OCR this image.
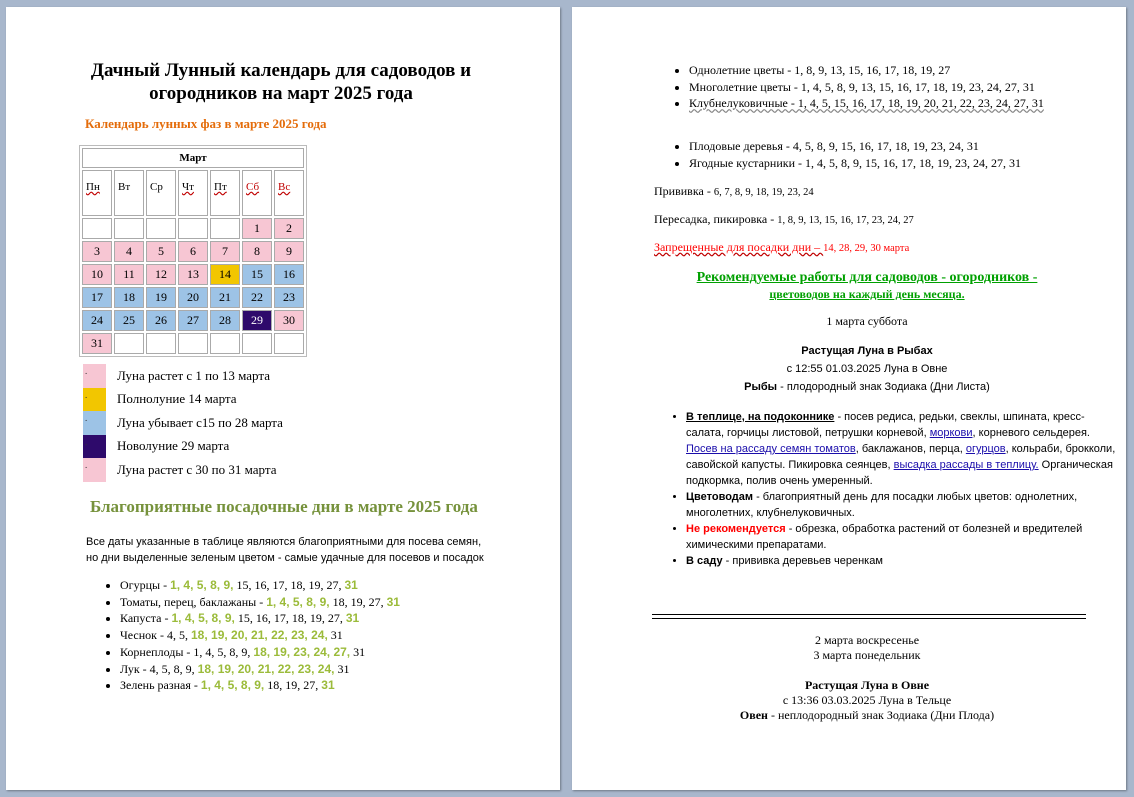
Дачный Лунный календарь для садоводов и
огородников на март 2025 года
Календарь лунных фаз в марте 2025 года
Март						
Пн	Вт	Ср	Чт	Пт	Сб	Вс
					1	2
3	4	5	6	7	8	9
10	11	12	13	14	15	16
17	18	19	20	21	22	23
24	25	26	27	28	29	30
31						
.
Луна растет с 1 по 13 марта
.
Полнолуние 14 марта
.
Луна убывает с15 по 28 марта
.
Новолуние 29 марта
.
Луна растет с 30 по 31 марта
Благоприятные посадочные дни в марте 2025 года
Все даты указанные в таблице являются благоприятными для посева семян,
но дни выделенные зеленым цветом - самые удачные для посевов и посадок
• Огурцы - 1, 4, 5, 8, 9, 15, 16, 17, 18, 19, 27, 31
• Томаты, перец, баклажаны - 1, 4, 5, 8, 9, 18, 19, 27, 31
• Капуста - 1, 4, 5, 8, 9, 15, 16, 17, 18, 19, 27, 31
• Чеснок - 4, 5, 18, 19, 20, 21, 22, 23, 24, 31
• Корнеплоды - 1, 4, 5, 8, 9, 18, 19, 23, 24, 27, 31
• Лук - 4, 5, 8, 9, 18, 19, 20, 21, 22, 23, 24, 31
• Зелень разная - 1, 4, 5, 8, 9, 18, 19, 27, 31
• Однолетние цветы - 1, 8, 9, 13, 15, 16, 17, 18, 19, 27
• Многолетние цветы - 1, 4, 5, 8, 9, 13, 15, 16, 17, 18, 19, 23, 24, 27, 31
• Клубнелуковичные - 1, 4, 5, 15, 16, 17, 18, 19, 20, 21, 22, 23, 24, 27, 31
• Плодовые деревья - 4, 5, 8, 9, 15, 16, 17, 18, 19, 23, 24, 31
• Ягодные кустарники - 1, 4, 5, 8, 9, 15, 16, 17, 18, 19, 23, 24, 27, 31
Прививка - 6, 7, 8, 9, 18, 19, 23, 24
Пересадка, пикировка - 1, 8, 9, 13, 15, 16, 17, 23, 24, 27
Запрещенные для посадки дни – 14, 28, 29, 30 марта
Рекомендуемые работы для садоводов - огородников -
цветоводов на каждый день месяца.
1 марта суббота
Растущая Луна в Рыбах
с 12:55 01.03.2025 Луна в Овне
Рыбы - плодородный знак Зодиака (Дни Листа)
• В теплице, на подоконнике - посев редиса, редьки, свеклы, шпината, кресс-салата, горчицы листовой, петрушки корневой, моркови, корневого сельдерея. Посев на рассаду семян томатов, баклажанов, перца, огурцов, кольраби, брокколи, савойской капусты. Пикировка сеянцев, высадка рассады в теплицу. Органическая подкормка, полив очень умеренный.
• Цветоводам - благоприятный день для посадки любых цветов: однолетних, многолетних, клубнелуковичных.
• Не рекомендуется - обрезка, обработка растений от болезней и вредителей химическими препаратами.
• В саду - прививка деревьев черенкам
2 марта воскресенье
3 марта понедельник
Растущая Луна в Овне
с 13:36 03.03.2025 Луна в Тельце
Овен - неплодородный знак Зодиака (Дни Плода)
